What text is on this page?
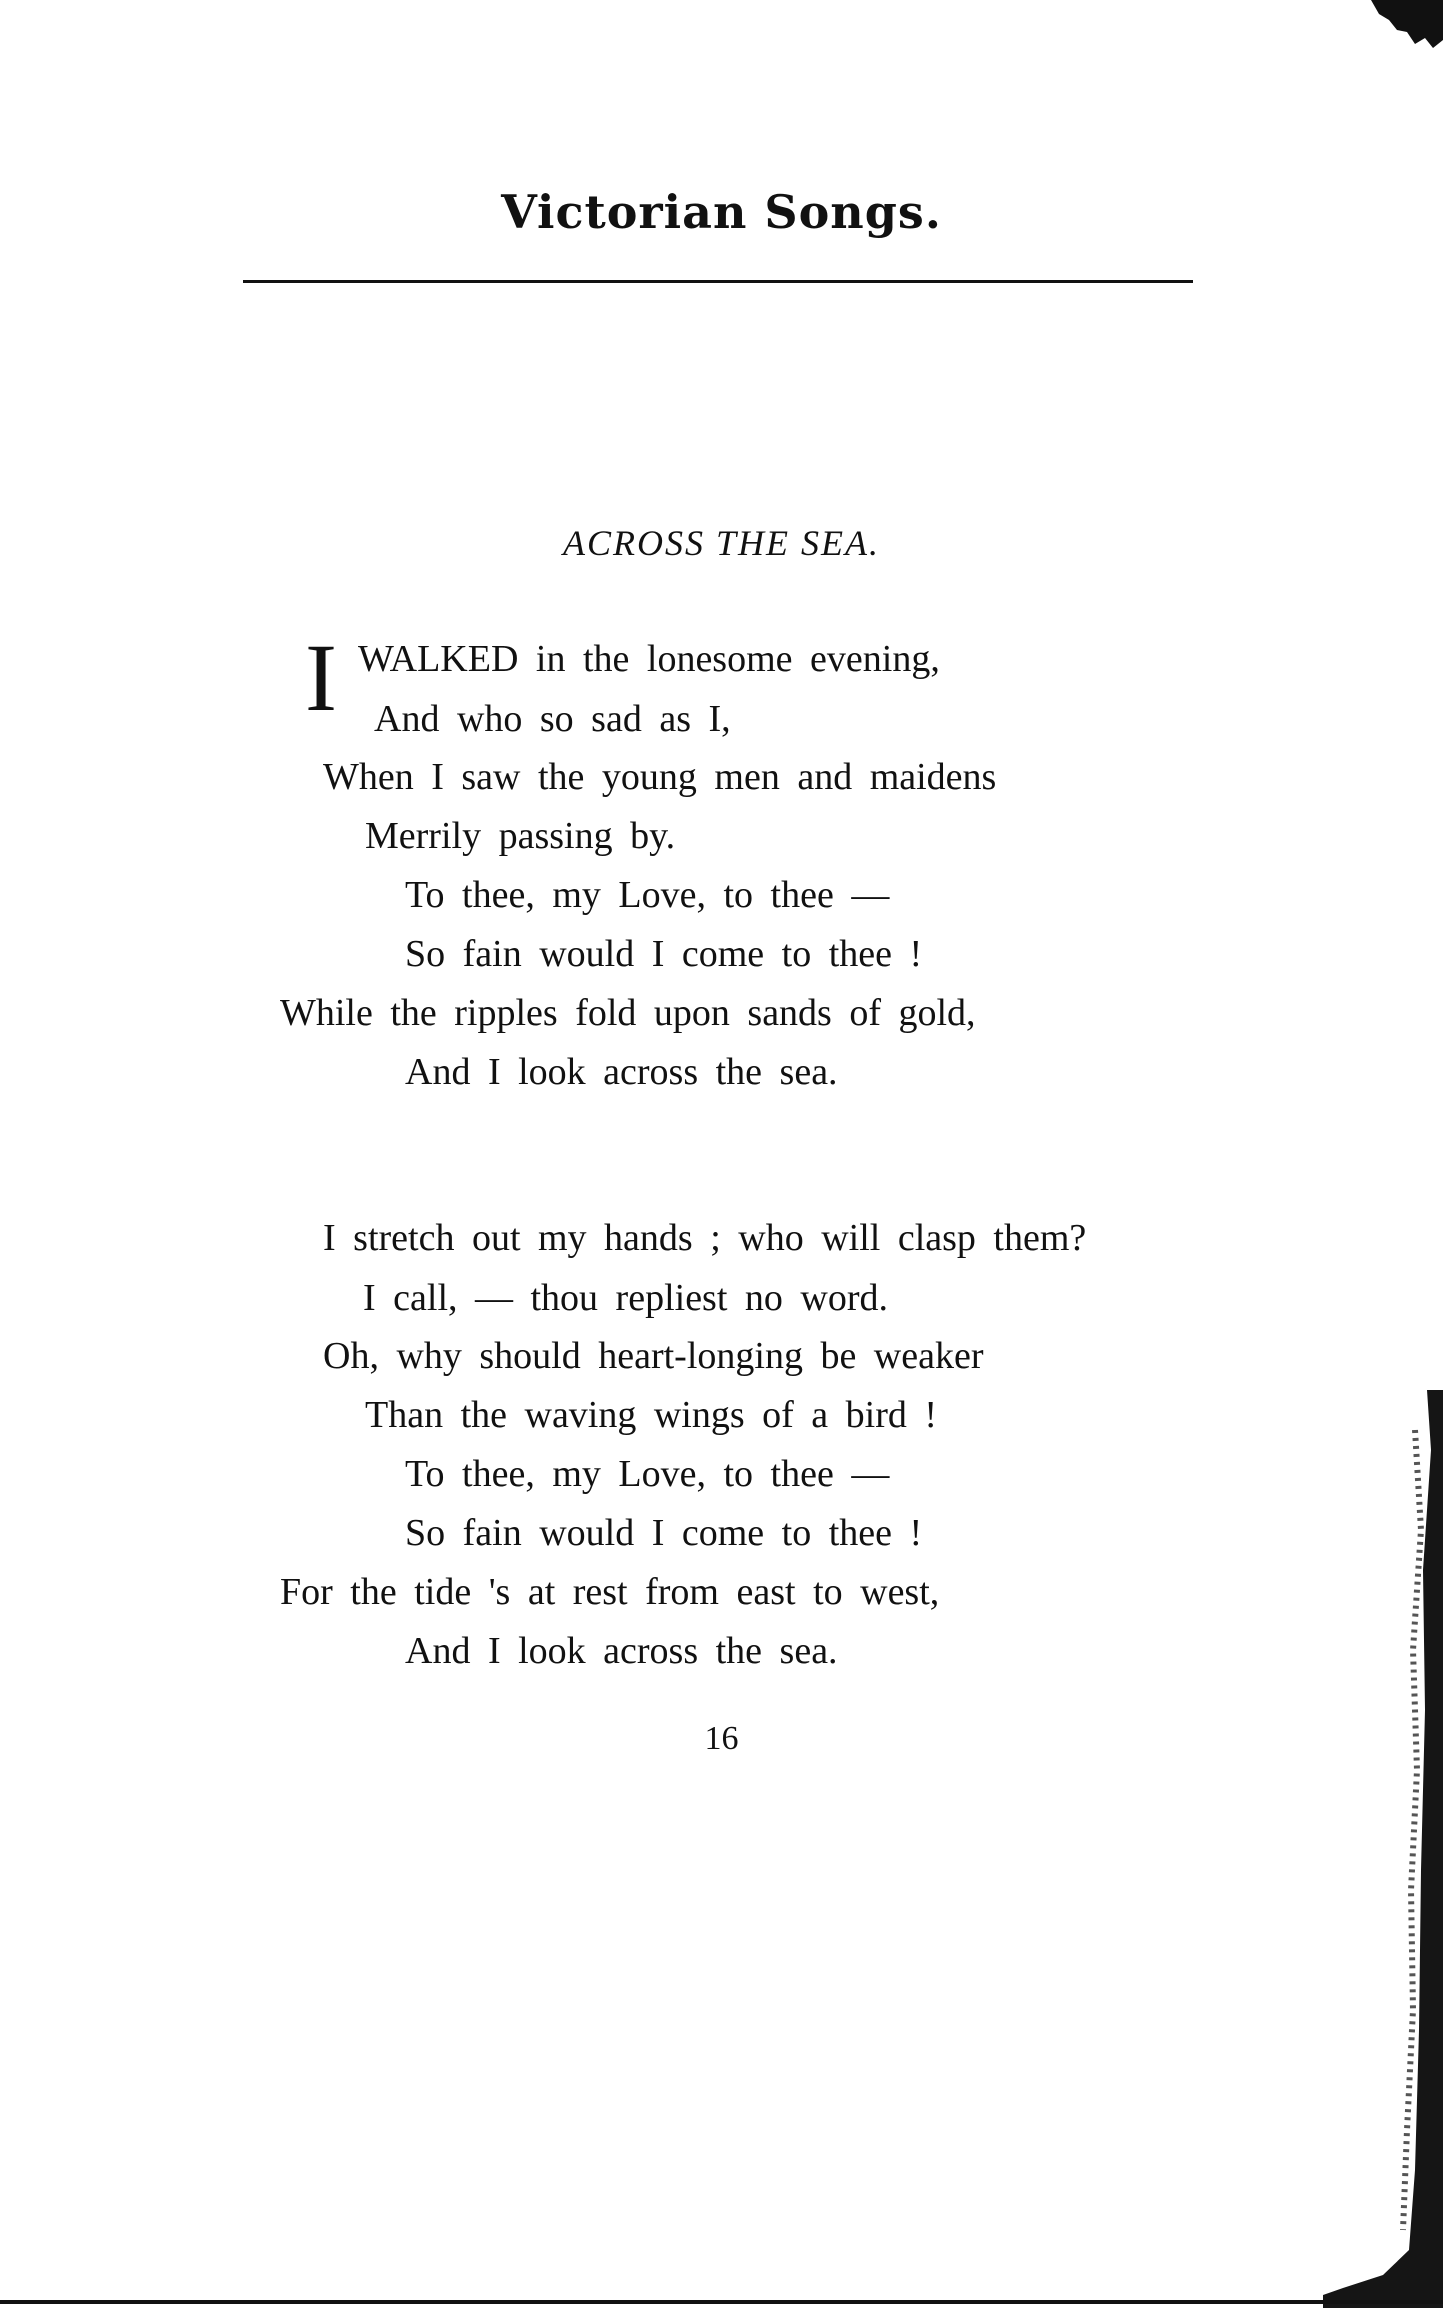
Victorian Songs.
ACROSS THE SEA.
I WALKED in the lonesome evening,
And who so sad as I,
When I saw the young men and maidens
Merrily passing by.
To thee, my Love, to thee —
So fain would I come to thee !
While the ripples fold upon sands of gold,
And I look across the sea.
I stretch out my hands ; who will clasp them?
I call, — thou repliest no word.
Oh, why should heart-longing be weaker
Than the waving wings of a bird !
To thee, my Love, to thee —
So fain would I come to thee !
For the tide 's at rest from east to west,
And I look across the sea.
16
